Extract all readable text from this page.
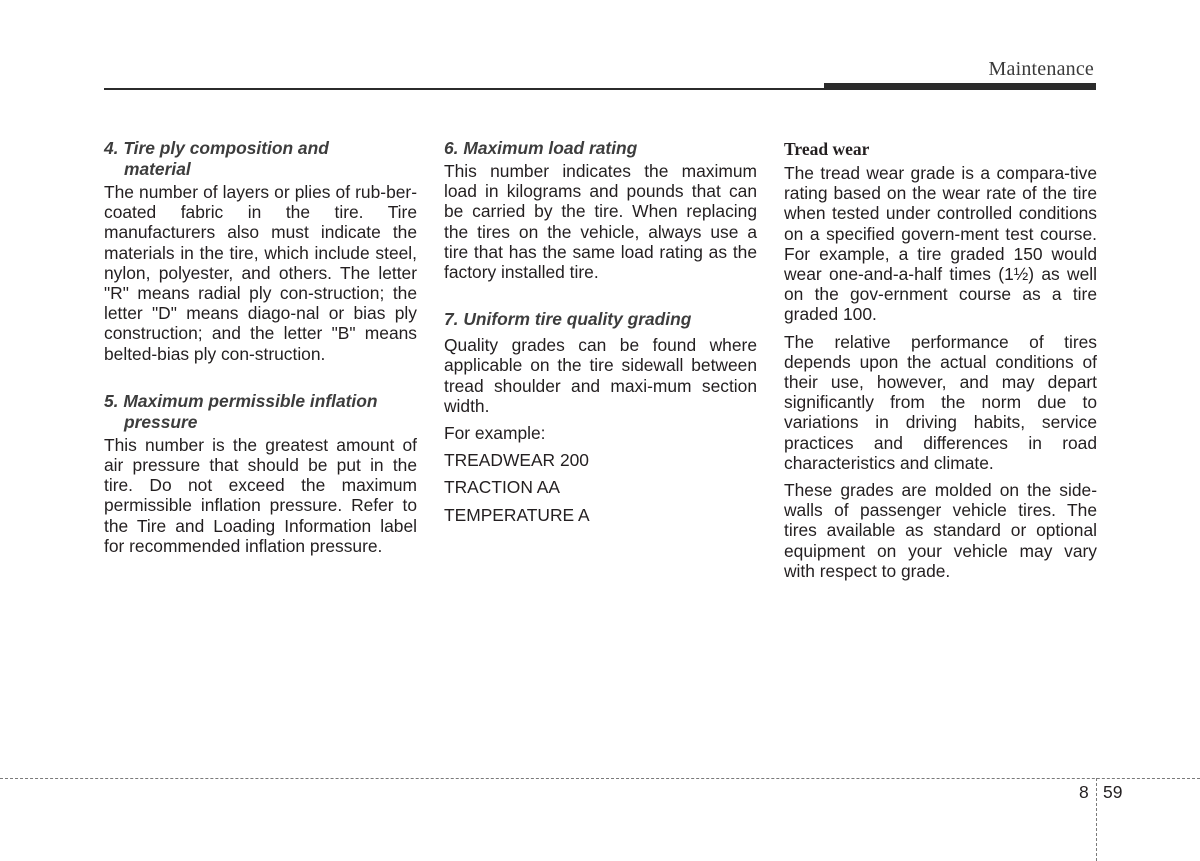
Maintenance
4. Tire ply composition and
material

The number of layers or plies of rub-ber-coated fabric in the tire. Tire manufacturers also must indicate the materials in the tire, which include steel, nylon, polyester, and others. The letter "R" means radial ply con-struction; the letter "D" means diago-nal or bias ply construction; and the letter "B" means belted-bias ply con-struction.

5. Maximum permissible inflation
pressure

This number is the greatest amount of air pressure that should be put in the tire. Do not exceed the maximum permissible inflation pressure. Refer to the Tire and Loading Information label for recommended inflation pressure.

6. Maximum load rating

This number indicates the maximum load in kilograms and pounds that can be carried by the tire. When replacing the tires on the vehicle, always use a tire that has the same load rating as the factory installed tire.

7. Uniform tire quality grading

Quality grades can be found where applicable on the tire sidewall between tread shoulder and maxi-mum section width.

For example:

TREADWEAR 200

TRACTION AA

TEMPERATURE A

Tread wear

The tread wear grade is a compara-tive rating based on the wear rate of the tire when tested under controlled conditions on a specified govern-ment test course. For example, a tire graded 150 would wear one-and-a-half times (1½) as well on the gov-ernment course as a tire graded 100.

The relative performance of tires depends upon the actual conditions of their use, however, and may depart significantly from the norm due to variations in driving habits, service practices and differences in road characteristics and climate.

These grades are molded on the side-walls of passenger vehicle tires. The tires available as standard or optional equipment on your vehicle may vary with respect to grade.

8 59
